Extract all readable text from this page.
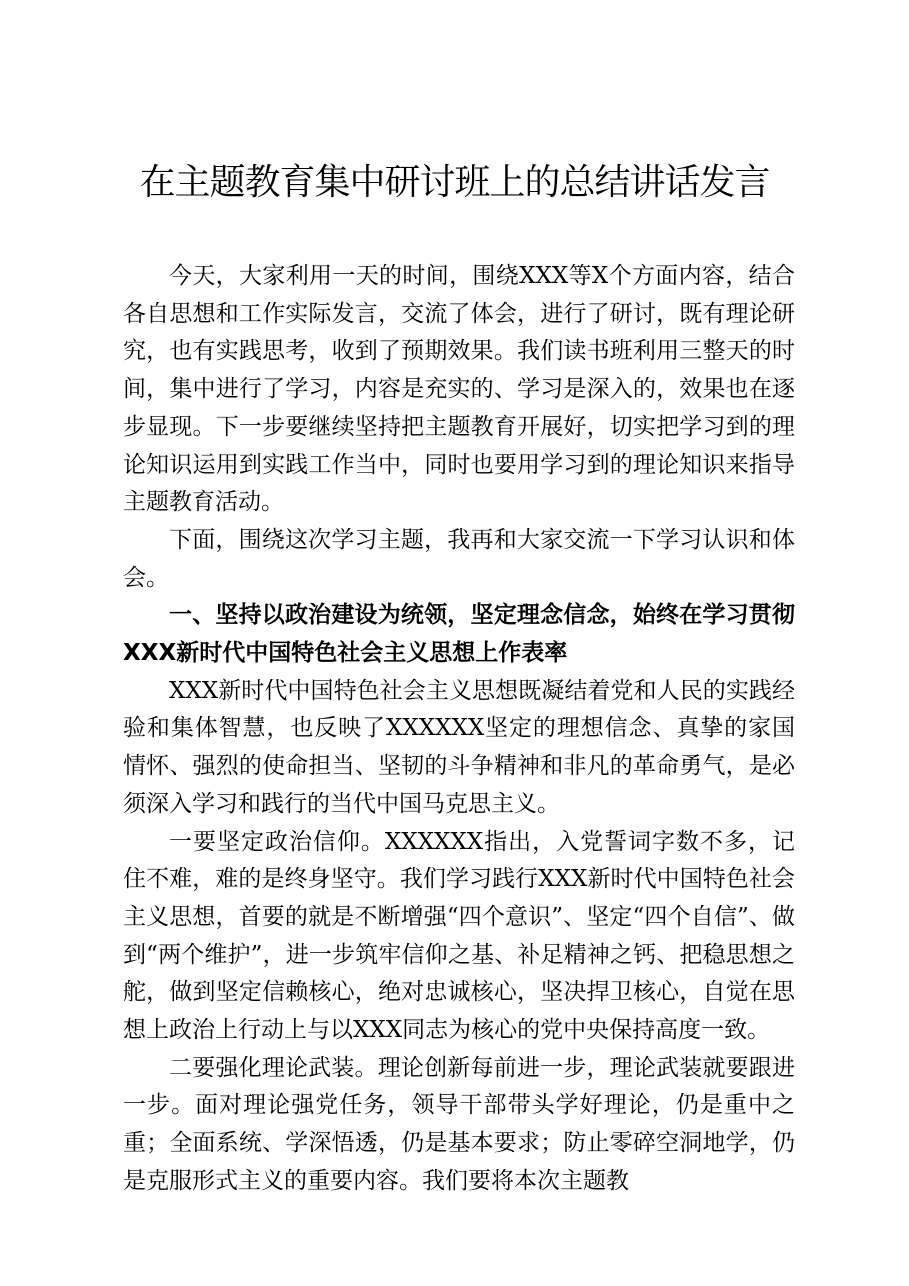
在主题教育集中研讨班上的总结讲话发言

今天，大家利用一天的时间，围绕XXX等X个方面内容，结合各自思想和工作实际发言，交流了体会，进行了研讨，既有理论研究，也有实践思考，收到了预期效果。我们读书班利用三整天的时间，集中进行了学习，内容是充实的、学习是深入的，效果也在逐步显现。下一步要继续坚持把主题教育开展好，切实把学习到的理论知识运用到实践工作当中，同时也要用学习到的理论知识来指导主题教育活动。

下面，围绕这次学习主题，我再和大家交流一下学习认识和体会。

一、坚持以政治建设为统领，坚定理念信念，始终在学习贯彻XXX新时代中国特色社会主义思想上作表率

XXX新时代中国特色社会主义思想既凝结着党和人民的实践经验和集体智慧，也反映了XXXXXX坚定的理想信念、真挚的家国情怀、强烈的使命担当、坚韧的斗争精神和非凡的革命勇气，是必须深入学习和践行的当代中国马克思主义。

一要坚定政治信仰。XXXXXX指出，入党誓词字数不多，记住不难，难的是终身坚守。我们学习践行XXX新时代中国特色社会主义思想，首要的就是不断增强“四个意识”、坚定“四个自信”、做到“两个维护”，进一步筑牢信仰之基、补足精神之钙、把稳思想之舵，做到坚定信赖核心，绝对忠诚核心，坚决捍卫核心，自觉在思想上政治上行动上与以XXX同志为核心的党中央保持高度一致。

二要强化理论武装。理论创新每前进一步，理论武装就要跟进一步。面对理论强党任务，领导干部带头学好理论，仍是重中之重；全面系统、学深悟透，仍是基本要求；防止零碎空洞地学，仍是克服形式主义的重要内容。我们要将本次主题教
